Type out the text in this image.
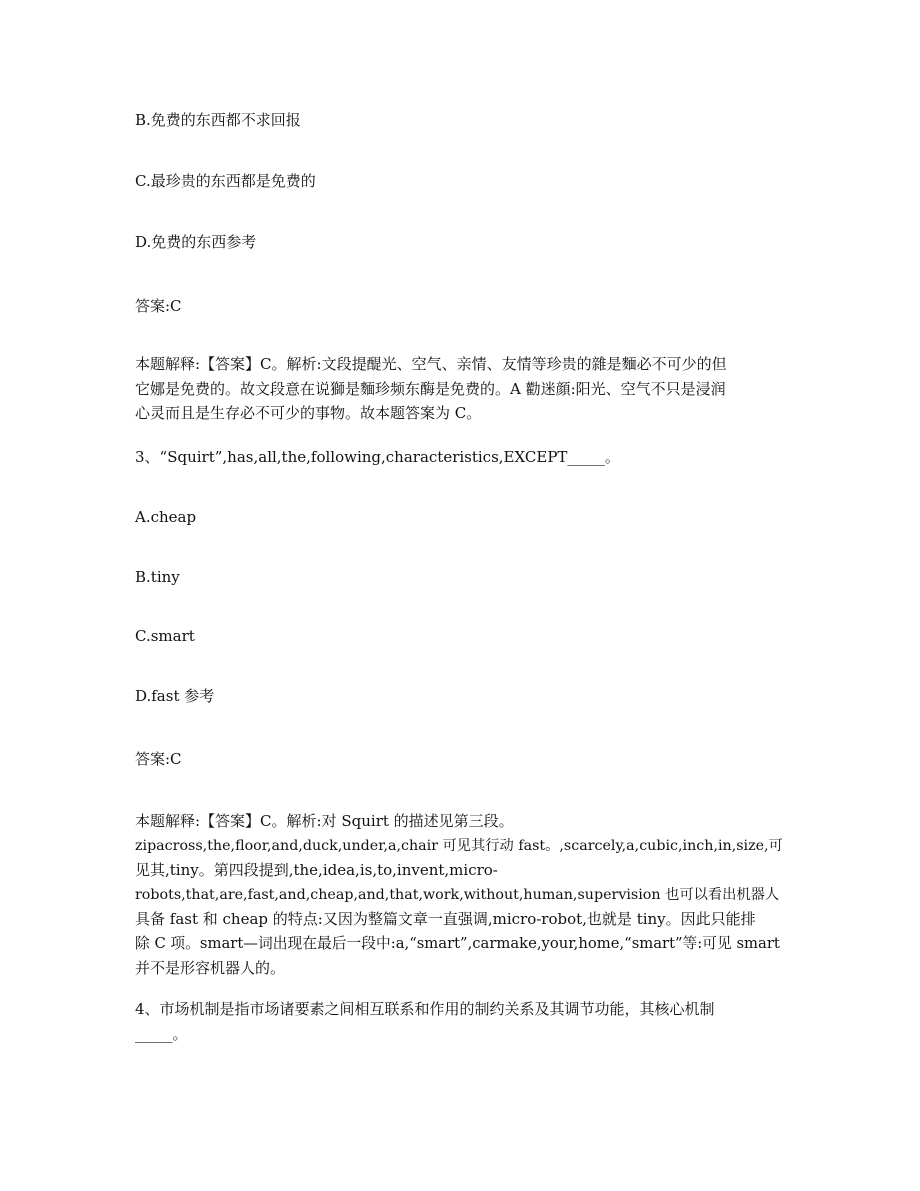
B.免费的东西都不求回报
C.最珍贵的东西都是免费的
D.免费的东西参考
答案:C
本题解释:【答案】C。解析:文段提醍光、空气、亲情、友情等珍贵的雜是麵必不可少的但
它娜是免费的。故文段意在说獅是麵珍频东酶是免费的。A 勸迷顔:阳光、空气不只是浸润
心灵而且是生存必不可少的事物。故本题答案为 C。
3、“Squirt”,has,all,the,following,characteristics,EXCEPT_____。
A.cheap
B.tiny
C.smart
D.fast 参考
答案:C
本题解释:【答案】C。解析:对 Squirt 的描述见第三段。
zipacross,the,floor,and,duck,under,a,chair 可见其行动 fast。,scarcely,a,cubic,inch,in,size,可
见其,tiny。第四段提到,the,idea,is,to,invent,micro-
robots,that,are,fast,and,cheap,and,that,work,without,human,supervision 也可以看出机器人
具备 fast 和 cheap 的特点:又因为整篇文章一直强调,micro-robot,也就是 tiny。因此只能排
除 C 项。smart—词出现在最后一段中:a,“smart”,carmake,your,home,“smart”等:可见 smart
并不是形容机器人的。
4、市场机制是指市场诸要素之间相互联系和作用的制约关系及其调节功能，其核心机制
_____。
